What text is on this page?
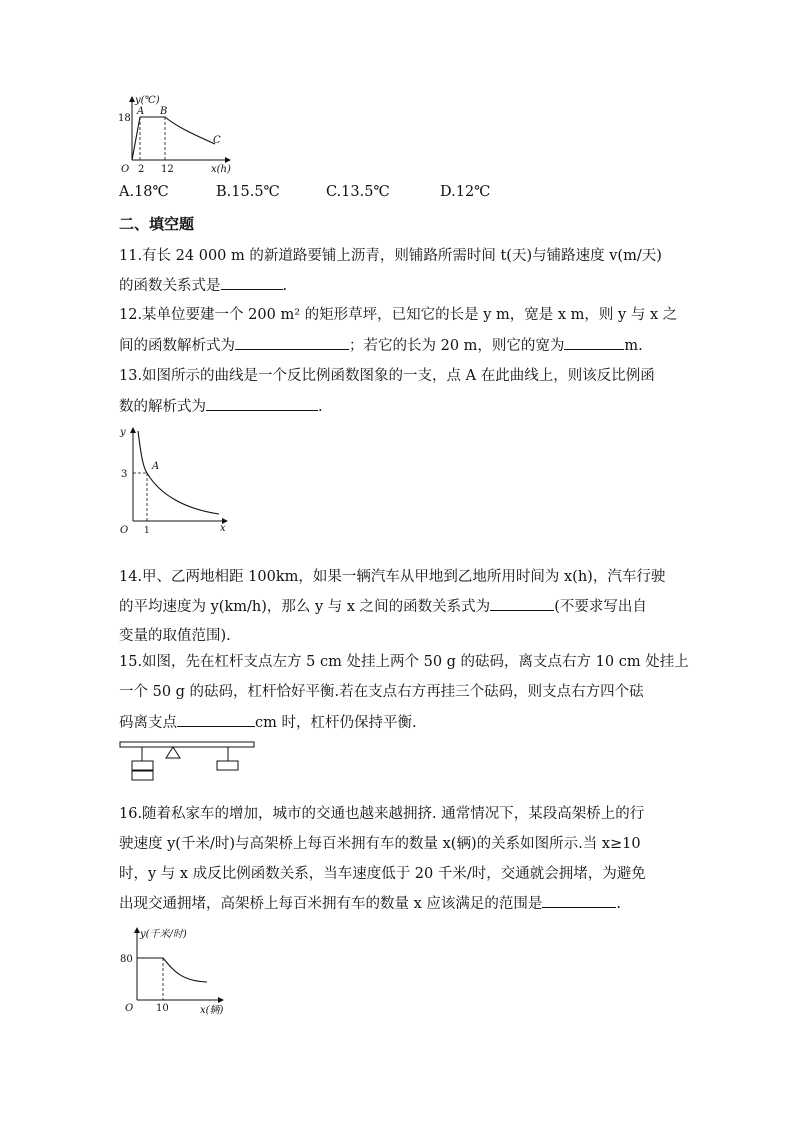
y(℃)
18
O 2 12	x(h)
A B
C
A.18℃	B.15.5℃	C.13.5℃	D.12℃
二、填空题
11.有长 24 000 m 的新道路要铺上沥青，则铺路所需时间 t(天)与铺路速度 v(m/天)
的函数关系式是	.
12.某单位要建一个 200 m² 的矩形草坪，已知它的长是 y m，宽是 x m，则 y 与 x 之
间的函数解析式为	；若它的长为 20 m，则它的宽为	m.
13.如图所示的曲线是一个反比例函数图象的一支，点 A 在此曲线上，则该反比例函
数的解析式为	.
y
x
O
3
1
A
14.甲、乙两地相距 100km，如果一辆汽车从甲地到乙地所用时间为 x(h)，汽车行驶
的平均速度为 y(km/h)，那么 y 与 x 之间的函数关系式为	(不要求写出自
变量的取值范围).
15.如图，先在杠杆支点左方 5 cm 处挂上两个 50 g 的砝码，离支点右方 10 cm 处挂上
一个 50 g 的砝码，杠杆恰好平衡.若在支点右方再挂三个砝码，则支点右方四个砝
码离支点	cm 时，杠杆仍保持平衡.
16.随着私家车的增加，城市的交通也越来越拥挤. 通常情况下，某段高架桥上的行
驶速度 y(千米/时)与高架桥上每百米拥有车的数量 x(辆)的关系如图所示.当 x≥10
时，y 与 x 成反比例函数关系，当车速度低于 20 千米/时，交通就会拥堵，为避免
出现交通拥堵，高架桥上每百米拥有车的数量 x 应该满足的范围是	.
y(千米/时)
80
O 10	x(辆)
